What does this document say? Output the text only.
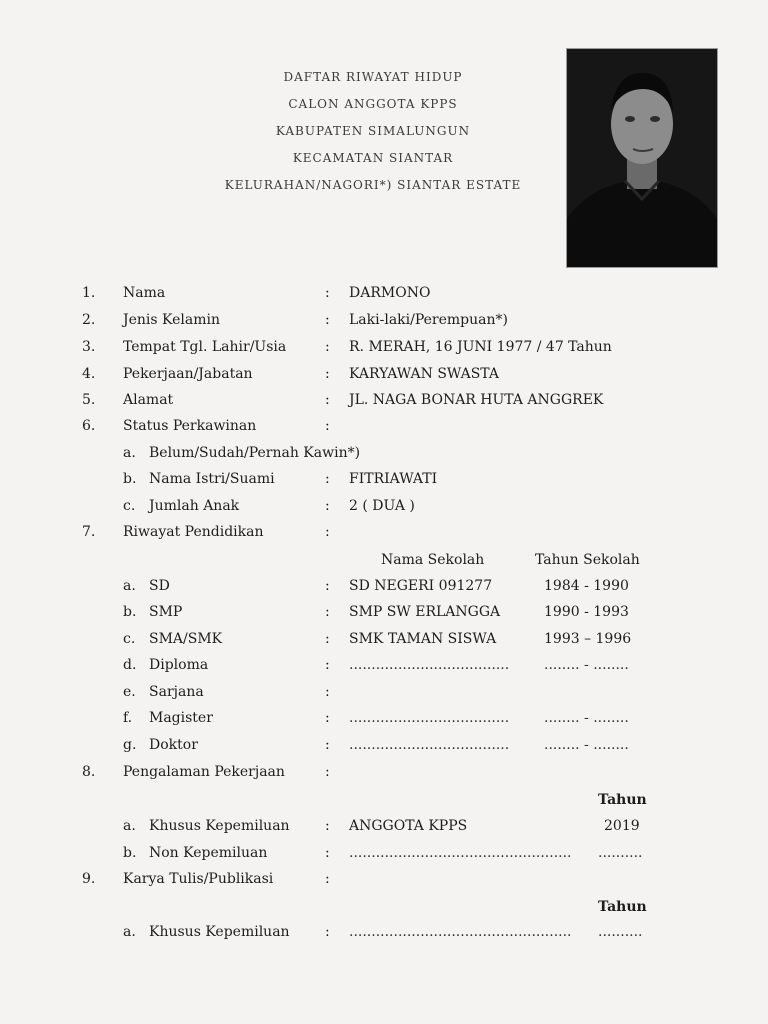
DAFTAR RIWAYAT HIDUP
CALON ANGGOTA KPPS
KABUPATEN SIMALUNGUN
KECAMATAN SIANTAR
KELURAHAN/NAGORI*) SIANTAR ESTATE
1. Nama	: DARMONO
2. Jenis Kelamin	: Laki-laki/Perempuan*)
3. Tempat Tgl. Lahir/Usia	: R. MERAH, 16 JUNI 1977 / 47 Tahun
4. Pekerjaan/Jabatan	: KARYAWAN SWASTA
5. Alamat	: JL. NAGA BONAR HUTA ANGGREK
6. Status Perkawinan	:
a. Belum/Sudah/Pernah Kawin*)
b. Nama Istri/Suami	: FITRIAWATI
c. Jumlah Anak	: 2 ( DUA )
7. Riwayat Pendidikan	:
Nama Sekolah	Tahun Sekolah
a. SD	: SD NEGERI 091277	1984 - 1990
b. SMP	: SMP SW ERLANGGA	1990 - 1993
c. SMA/SMK	: SMK TAMAN SISWA	1993 – 1996
d. Diploma	: .................................... ........ - ........
e. Sarjana	:
f. Magister	: .................................... ........ - ........
g. Doktor	: .................................... ........ - ........
8. Pengalaman Pekerjaan	:
Tahun
a. Khusus Kepemiluan	: ANGGOTA KPPS	2019
b. Non Kepemiluan	: .................................................. ..........
9. Karya Tulis/Publikasi	:
Tahun
a. Khusus Kepemiluan	: .................................................. ..........
